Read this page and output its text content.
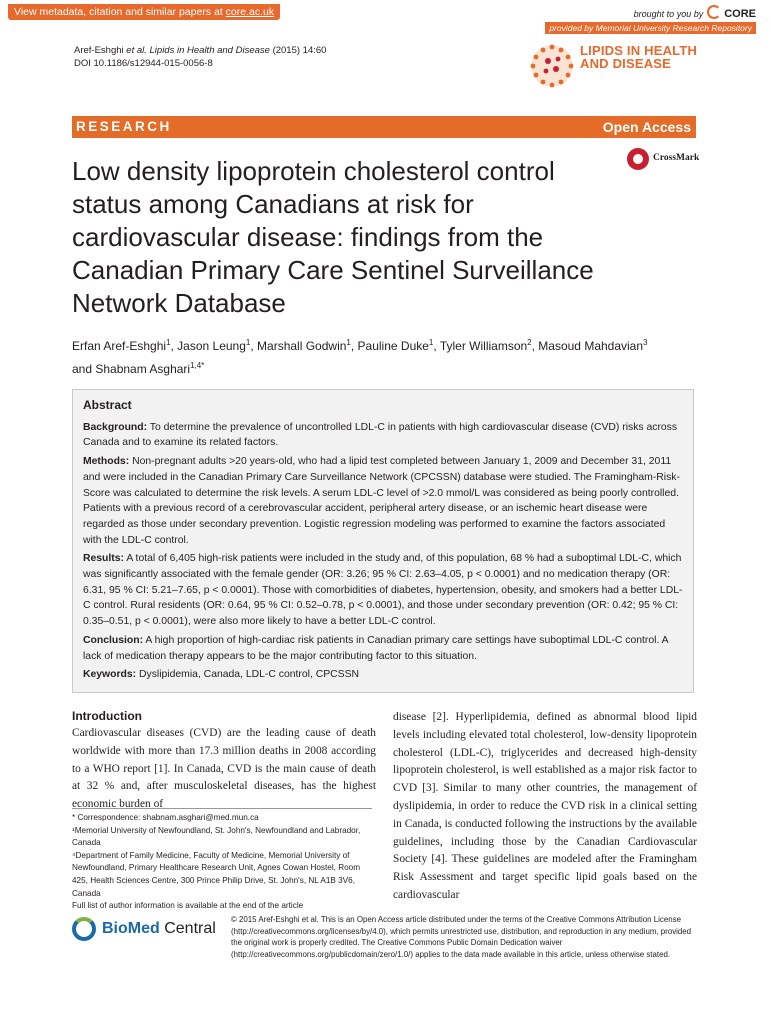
View metadata, citation and similar papers at core.ac.uk	brought to you by CORE
provided by Memorial University Research Repository
Aref-Eshghi et al. Lipids in Health and Disease (2015) 14:60
DOI 10.1186/s12944-015-0056-8
LIPIDS IN HEALTH
AND DISEASE
RESEARCH	Open Access
Low density lipoprotein cholesterol control status among Canadians at risk for cardiovascular disease: findings from the Canadian Primary Care Sentinel Surveillance Network Database
CrossMark
Erfan Aref-Eshghi$^1$, Jason Leung$^1$, Marshall Godwin$^1$, Pauline Duke$^1$, Tyler Williamson$^2$, Masoud Mahdavian$^3$
and Shabnam Asghari$^{1,4*}$
Abstract

Background: To determine the prevalence of uncontrolled LDL-C in patients with high cardiovascular disease (CVD) risks across Canada and to examine its related factors.

Methods: Non-pregnant adults >20 years-old, who had a lipid test completed between January 1, 2009 and December 31, 2011 and were included in the Canadian Primary Care Surveillance Network (CPCSSN) database were studied. The Framingham-Risk-Score was calculated to determine the risk levels. A serum LDL-C level of >2.0 mmol/L was considered as being poorly controlled. Patients with a previous record of a cerebrovascular accident, peripheral artery disease, or an ischemic heart disease were regarded as those under secondary prevention. Logistic regression modeling was performed to examine the factors associated with the LDL-C control.

Results: A total of 6,405 high-risk patients were included in the study and, of this population, 68 % had a suboptimal LDL-C, which was significantly associated with the female gender (OR: 3.26; 95 % CI: 2.63–4.05, p < 0.0001) and no medication therapy (OR: 6.31, 95 % CI: 5.21–7.65, p < 0.0001). Those with comorbidities of diabetes, hypertension, obesity, and smokers had a better LDL-C control. Rural residents (OR: 0.64, 95 % CI: 0.52–0.78, p < 0.0001), and those under secondary prevention (OR: 0.42; 95 % CI: 0.35–0.51, p < 0.0001), were also more likely to have a better LDL-C control.

Conclusion: A high proportion of high-cardiac risk patients in Canadian primary care settings have suboptimal LDL-C control. A lack of medication therapy appears to be the major contributing factor to this situation.

Keywords: Dyslipidemia, Canada, LDL-C control, CPCSSN

Introduction
Cardiovascular diseases (CVD) are the leading cause of death worldwide with more than 17.3 million deaths in 2008 according to a WHO report [1]. In Canada, CVD is the main cause of death at 32 % and, after musculoskeletal diseases, has the highest economic burden of
* Correspondence: shabnam.asghari@med.mun.ca
¹Memorial University of Newfoundland, St. John's, Newfoundland and Labrador, Canada
⁴Department of Family Medicine, Faculty of Medicine, Memorial University of Newfoundland, Primary Healthcare Research Unit, Agnes Cowan Hostel, Room 425, Health Sciences Centre, 300 Prince Philip Drive, St. John's, NL A1B 3V6, Canada
Full list of author information is available at the end of the article
disease [2]. Hyperlipidemia, defined as abnormal blood lipid levels including elevated total cholesterol, low-density lipoprotein cholesterol (LDL-C), triglycerides and decreased high-density lipoprotein cholesterol, is well established as a major risk factor to CVD [3]. Similar to many other countries, the management of dyslipidemia, in order to reduce the CVD risk in a clinical setting in Canada, is conducted following the instructions by the available guidelines, including those by the Canadian Cardiovascular Society [4]. These guidelines are modeled after the Framingham Risk Assessment and target specific lipid goals based on the cardiovascular
BioMed Central
© 2015 Aref-Eshghi et al. This is an Open Access article distributed under the terms of the Creative Commons Attribution License (http://creativecommons.org/licenses/by/4.0), which permits unrestricted use, distribution, and reproduction in any medium, provided the original work is properly credited. The Creative Commons Public Domain Dedication waiver (http://creativecommons.org/publicdomain/zero/1.0/) applies to the data made available in this article, unless otherwise stated.
